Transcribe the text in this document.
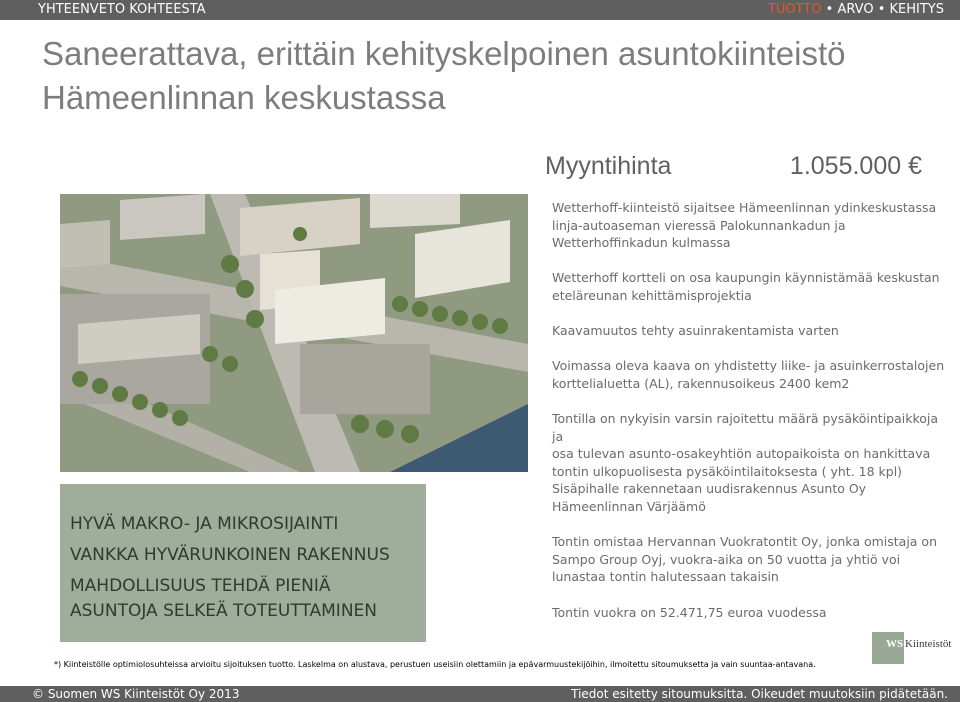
YHTEENVETO KOHTEESTA	TUOTTO • ARVO • KEHITYS
Saneerattava, erittäin kehityskelpoinen asuntokiinteistö
Hämeenlinnan keskustassa
Myyntihinta	1.055.000 €
HYVÄ MAKRO- JA MIKROSIJAINTI
VANKKA HYVÄRUNKOINEN RAKENNUS
MAHDOLLISUUS TEHDÄ PIENIÄ
ASUNTOJA SELKEÄ TOTEUTTAMINEN
Wetterhoff-kiinteistö sijaitsee Hämeenlinnan ydinkeskustassa
linja-autoaseman vieressä Palokunnankadun ja
Wetterhoffinkadun kulmassa
Wetterhoff kortteli on osa kaupungin käynnistämää keskustan
eteläreunan kehittämisprojektia
Kaavamuutos tehty asuinrakentamista varten
Voimassa oleva kaava on yhdistetty liike- ja asuinkerrostalojen
korttelialuetta (AL), rakennusoikeus 2400 kem2
Tontilla on nykyisin varsin rajoitettu määrä pysäköintipaikkoja ja
osa tulevan asunto-osakeyhtiön autopaikoista on hankittava
tontin ulkopuolisesta pysäköintilaitoksesta ( yht. 18 kpl)
Sisäpihalle rakennetaan uudisrakennus Asunto Oy
Hämeenlinnan Värjäämö
Tontin omistaa Hervannan Vuokratontit Oy, jonka omistaja on
Sampo Group Oyj, vuokra-aika on 50 vuotta ja yhtiö voi
lunastaa tontin halutessaan takaisin
Tontin vuokra on 52.471,75 euroa vuodessa
WS Kiinteistöt
*) Kiinteistölle optimiolosuhteissa arvioitu sijoituksen tuotto. Laskelma on alustava, perustuen useisiin olettamiin ja epävarmuustekijöihin, ilmoitettu sitoumuksetta ja vain suuntaa-antavana.
© Suomen WS Kiinteistöt Oy 2013	Tiedot esitetty sitoumuksitta. Oikeudet muutoksiin pidätetään.
